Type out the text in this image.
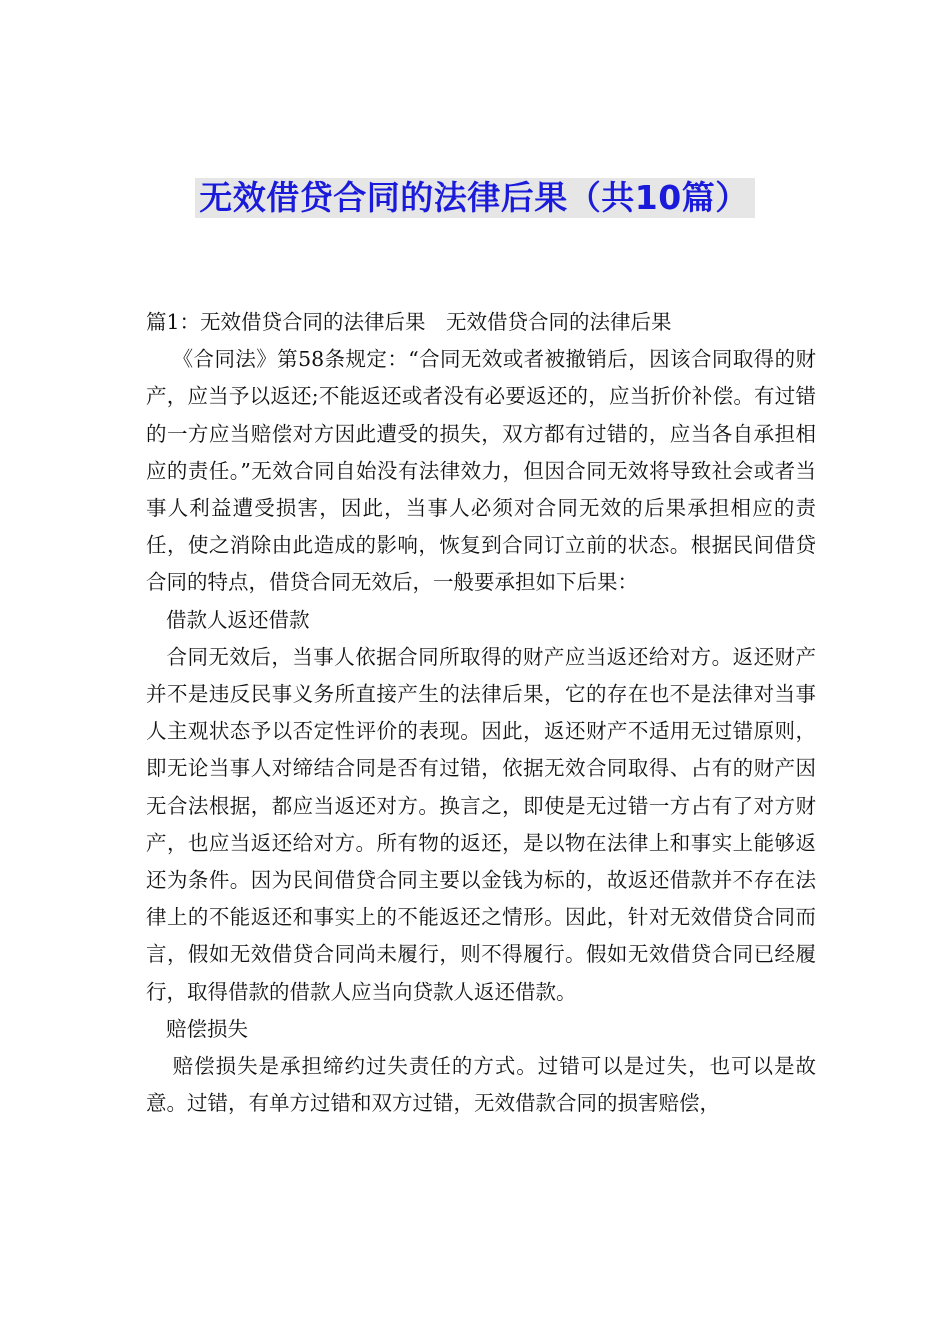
无效借贷合同的法律后果（共10篇）

篇1：无效借贷合同的法律后果　无效借贷合同的法律后果

《合同法》第58条规定：“合同无效或者被撤销后，因该合同取得的财产，应当予以返还;不能返还或者没有必要返还的，应当折价补偿。有过错的一方应当赔偿对方因此遭受的损失，双方都有过错的，应当各自承担相应的责任。”无效合同自始没有法律效力，但因合同无效将导致社会或者当事人利益遭受损害，因此，当事人必须对合同无效的后果承担相应的责任，使之消除由此造成的影响，恢复到合同订立前的状态。根据民间借贷合同的特点，借贷合同无效后，一般要承担如下后果：

借款人返还借款

合同无效后，当事人依据合同所取得的财产应当返还给对方。返还财产并不是违反民事义务所直接产生的法律后果，它的存在也不是法律对当事人主观状态予以否定性评价的表现。因此，返还财产不适用无过错原则，即无论当事人对缔结合同是否有过错，依据无效合同取得、占有的财产因无合法根据，都应当返还对方。换言之，即使是无过错一方占有了对方财产，也应当返还给对方。所有物的返还，是以物在法律上和事实上能够返还为条件。因为民间借贷合同主要以金钱为标的，故返还借款并不存在法律上的不能返还和事实上的不能返还之情形。因此，针对无效借贷合同而言，假如无效借贷合同尚未履行，则不得履行。假如无效借贷合同已经履行，取得借款的借款人应当向贷款人返还借款。

赔偿损失

赔偿损失是承担缔约过失责任的方式。过错可以是过失，也可以是故意。过错，有单方过错和双方过错，无效借款合同的损害赔偿，
